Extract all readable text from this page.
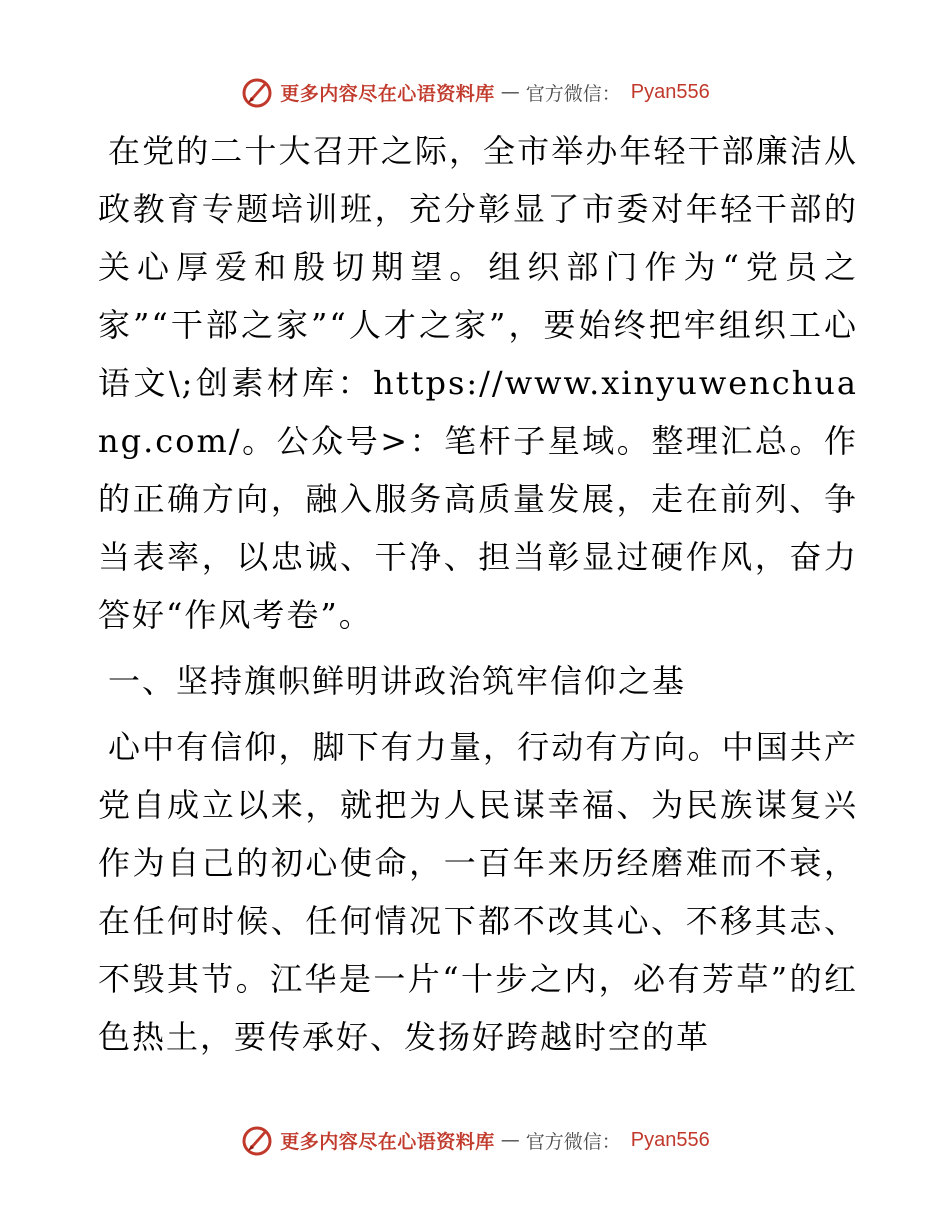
更多内容尽在心语资料库 — 官方微信： Pyan556

在党的二十大召开之际，全市举办年轻干部廉洁从政教育专题培训班，充分彰显了市委对年轻干部的关心厚爱和殷切期望。组织部门作为“党员之家”“干部之家”“人才之家”，要始终把牢组织工心语文\;创素材库：https://www.xinyuwenchuang.com/。公众号>：笔杆子星域。整理汇总。作的正确方向，融入服务高质量发展，走在前列、争当表率，以忠诚、干净、担当彰显过硬作风，奋力答好“作风考卷”。

一、坚持旗帜鲜明讲政治筑牢信仰之基

心中有信仰，脚下有力量，行动有方向。中国共产党自成立以来，就把为人民谋幸福、为民族谋复兴作为自己的初心使命，一百年来历经磨难而不衰，在任何时候、任何情况下都不改其心、不移其志、不毁其节。江华是一片“十步之内，必有芳草”的红色热土，要传承好、发扬好跨越时空的革

更多内容尽在心语资料库 — 官方微信： Pyan556
